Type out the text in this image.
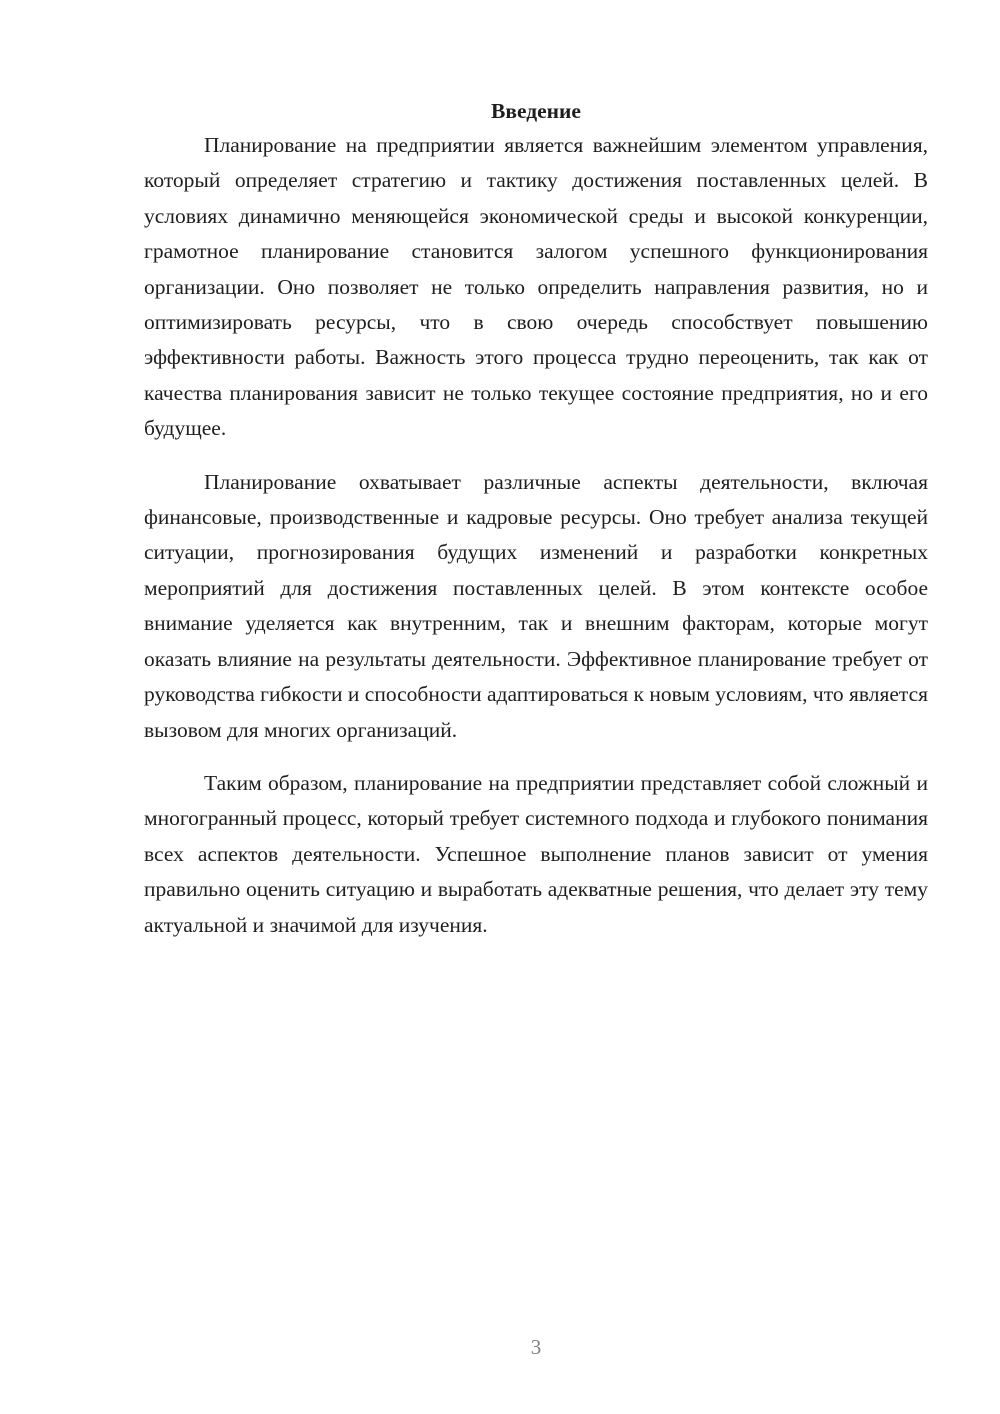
Введение

Планирование на предприятии является важнейшим элементом управления, который определяет стратегию и тактику достижения поставленных целей. В условиях динамично меняющейся экономической среды и высокой конкуренции, грамотное планирование становится залогом успешного функционирования организации. Оно позволяет не только определить направления развития, но и оптимизировать ресурсы, что в свою очередь способствует повышению эффективности работы. Важность этого процесса трудно переоценить, так как от качества планирования зависит не только текущее состояние предприятия, но и его будущее.

Планирование охватывает различные аспекты деятельности, включая финансовые, производственные и кадровые ресурсы. Оно требует анализа текущей ситуации, прогнозирования будущих изменений и разработки конкретных мероприятий для достижения поставленных целей. В этом контексте особое внимание уделяется как внутренним, так и внешним факторам, которые могут оказать влияние на результаты деятельности. Эффективное планирование требует от руководства гибкости и способности адаптироваться к новым условиям, что является вызовом для многих организаций.

Таким образом, планирование на предприятии представляет собой сложный и многогранный процесс, который требует системного подхода и глубокого понимания всех аспектов деятельности. Успешное выполнение планов зависит от умения правильно оценить ситуацию и выработать адекватные решения, что делает эту тему актуальной и значимой для изучения.

3
